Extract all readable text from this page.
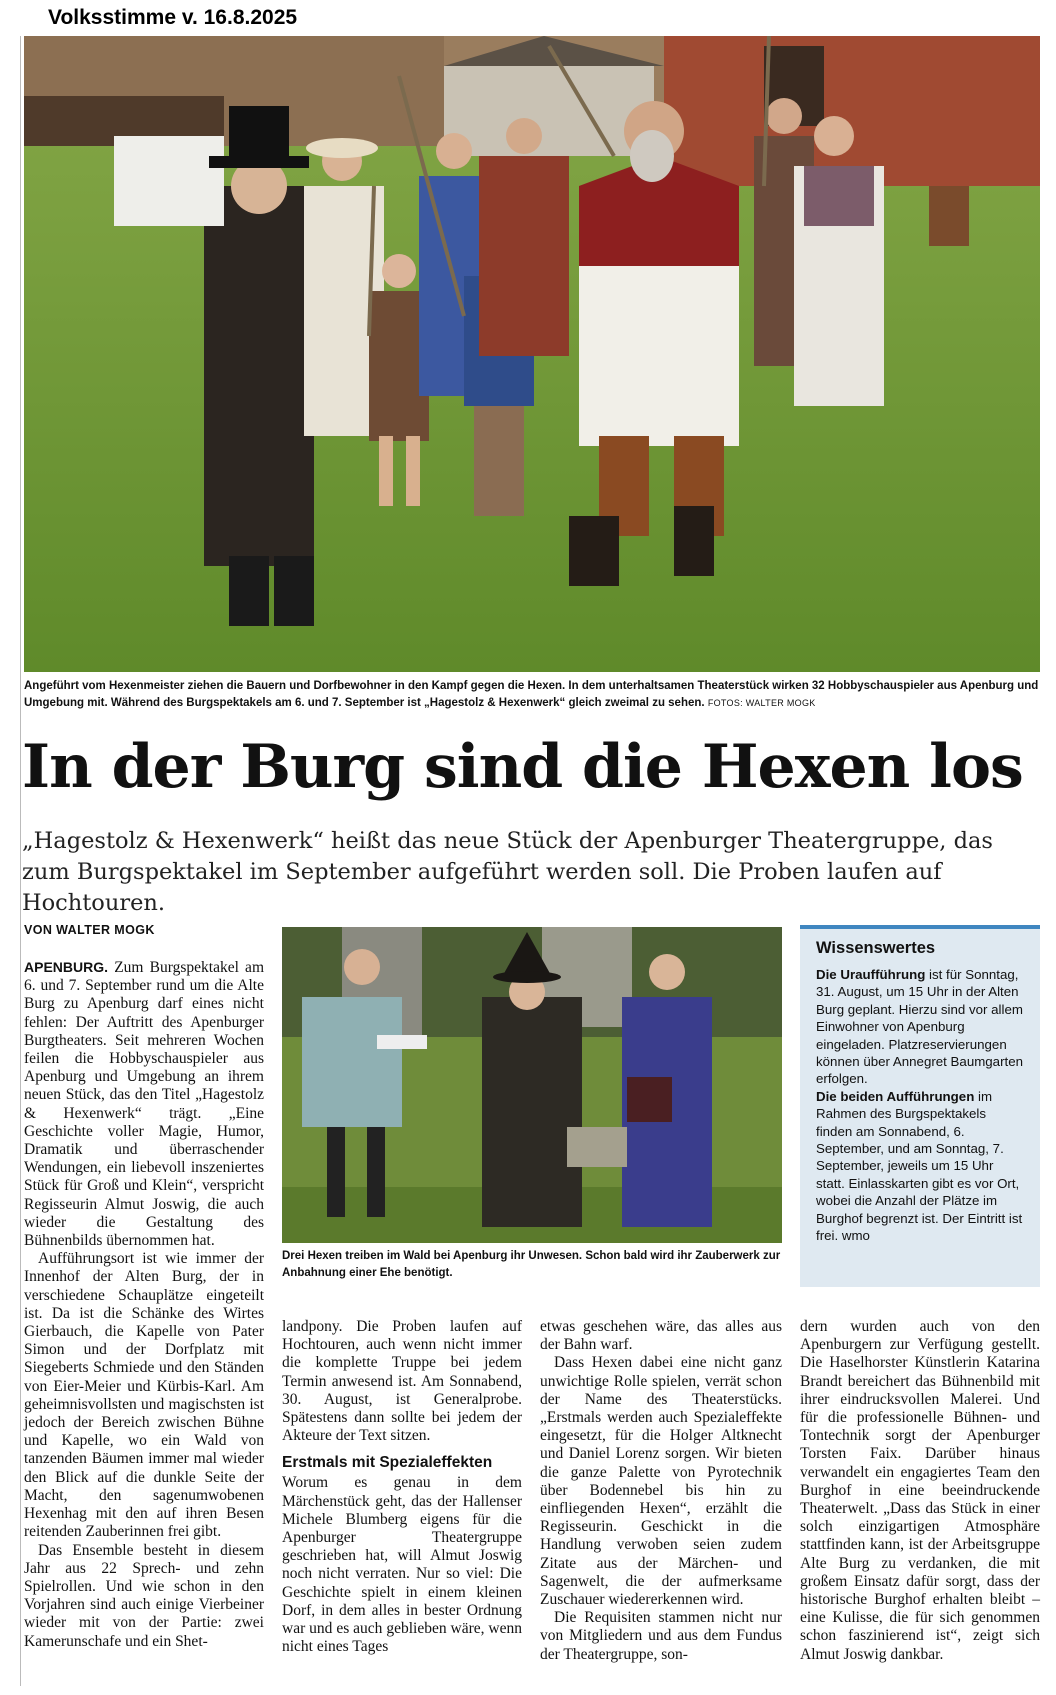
Volksstimme v. 16.8.2025
Angeführt vom Hexenmeister ziehen die Bauern und Dorfbewohner in den Kampf gegen die Hexen. In dem unterhaltsamen Theaterstück wirken 32 Hobbyschauspieler aus Apenburg und Umgebung mit. Während des Burgspektakels am 6. und 7. September ist „Hagestolz & Hexenwerk“ gleich zweimal zu sehen. FOTOS: WALTER MOGK
In der Burg sind die Hexen los
„Hagestolz & Hexenwerk“ heißt das neue Stück der Apenburger Theatergruppe, das zum Burgspektakel im September aufgeführt werden soll. Die Proben laufen auf Hochtouren.
VON WALTER MOGK

APENBURG. Zum Burgspektakel am 6. und 7. September rund um die Alte Burg zu Apenburg darf eines nicht fehlen: Der Auftritt des Apenburger Burgtheaters. Seit mehreren Wochen feilen die Hobbyschauspieler aus Apenburg und Umgebung an ihrem neuen Stück, das den Titel „Hagestolz & Hexenwerk“ trägt. „Eine Geschichte voller Magie, Humor, Dramatik und überraschender Wendungen, ein liebevoll inszeniertes Stück für Groß und Klein“, verspricht Regisseurin Almut Joswig, die auch wieder die Gestaltung des Bühnenbilds übernommen hat.

Aufführungsort ist wie immer der Innenhof der Alten Burg, der in verschiedene Schauplätze eingeteilt ist. Da ist die Schänke des Wirtes Gierbauch, die Kapelle von Pater Simon und der Dorfplatz mit Siegeberts Schmiede und den Ständen von Eier-Meier und Kürbis-Karl. Am geheimnisvollsten und magischsten ist jedoch der Bereich zwischen Bühne und Kapelle, wo ein Wald von tanzenden Bäumen immer mal wieder den Blick auf die dunkle Seite der Macht, den sagenumwobenen Hexenhag mit den auf ihren Besen reitenden Zauberinnen frei gibt.

Das Ensemble besteht in diesem Jahr aus 22 Sprech- und zehn Spielrollen. Und wie schon in den Vorjahren sind auch einige Vierbeiner wieder mit von der Partie: zwei Kamerunschafe und ein Shet-

Drei Hexen treiben im Wald bei Apenburg ihr Unwesen. Schon bald wird ihr Zauberwerk zur Anbahnung einer Ehe benötigt.
Wissenswertes

Die Uraufführung ist für Sonntag, 31. August, um 15 Uhr in der Alten Burg geplant. Hierzu sind vor allem Einwohner von Apenburg eingeladen. Platzreservierungen können über Annegret Baumgarten erfolgen.

Die beiden Aufführungen im Rahmen des Burgspektakels finden am Sonnabend, 6. September, und am Sonntag, 7. September, jeweils um 15 Uhr statt. Einlasskarten gibt es vor Ort, wobei die Anzahl der Plätze im Burghof begrenzt ist. Der Eintritt ist frei. wmo

landpony. Die Proben laufen auf Hochtouren, auch wenn nicht immer die komplette Truppe bei jedem Termin anwesend ist. Am Sonnabend, 30. August, ist Generalprobe. Spätestens dann sollte bei jedem der Akteure der Text sitzen.

Erstmals mit Spezialeffekten

Worum es genau in dem Märchenstück geht, das der Hallenser Michele Blumberg eigens für die Apenburger Theatergruppe geschrieben hat, will Almut Joswig noch nicht verraten. Nur so viel: Die Geschichte spielt in einem kleinen Dorf, in dem alles in bester Ordnung war und es auch geblieben wäre, wenn nicht eines Tages

etwas geschehen wäre, das alles aus der Bahn warf.

Dass Hexen dabei eine nicht ganz unwichtige Rolle spielen, verrät schon der Name des Theaterstücks. „Erstmals werden auch Spezialeffekte eingesetzt, für die Holger Altknecht und Daniel Lorenz sorgen. Wir bieten die ganze Palette von Pyrotechnik über Bodennebel bis hin zu einfliegenden Hexen“, erzählt die Regisseurin. Geschickt in die Handlung verwoben seien zudem Zitate aus der Märchen- und Sagenwelt, die der aufmerksame Zuschauer wiedererkennen wird.

Die Requisiten stammen nicht nur von Mitgliedern und aus dem Fundus der Theatergruppe, son-

dern wurden auch von den Apenburgern zur Verfügung gestellt. Die Haselhorster Künstlerin Katarina Brandt bereichert das Bühnenbild mit ihrer eindrucksvollen Malerei. Und für die professionelle Bühnen- und Tontechnik sorgt der Apenburger Torsten Faix. Darüber hinaus verwandelt ein engagiertes Team den Burghof in eine beeindruckende Theaterwelt. „Dass das Stück in einer solch einzigartigen Atmosphäre stattfinden kann, ist der Arbeitsgruppe Alte Burg zu verdanken, die mit großem Einsatz dafür sorgt, dass der historische Burghof erhalten bleibt – eine Kulisse, die für sich genommen schon faszinierend ist“, zeigt sich Almut Joswig dankbar.
